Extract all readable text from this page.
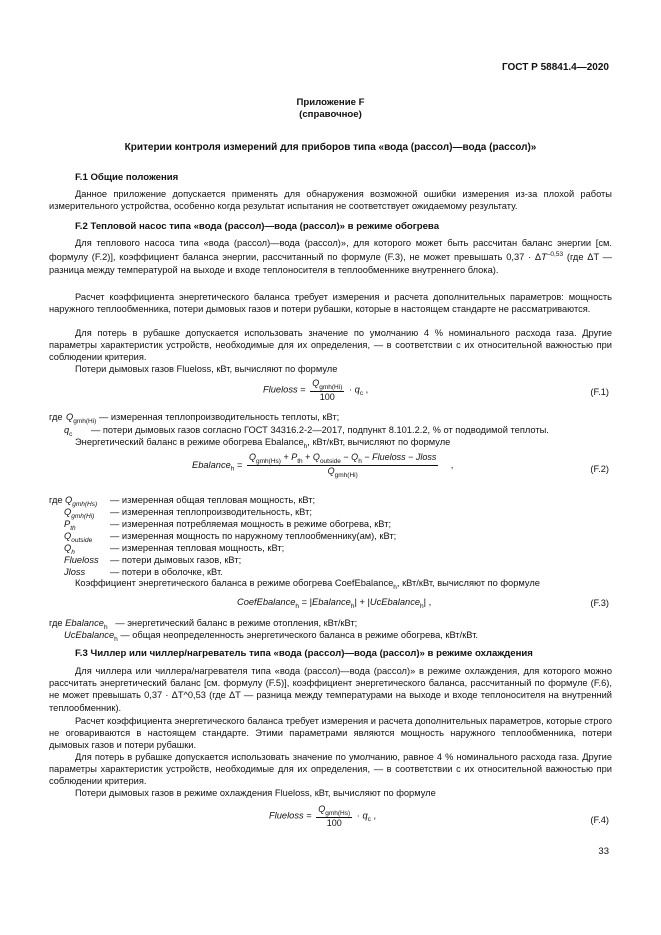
ГОСТ Р 58841.4—2020
Приложение F
(справочное)
Критерии контроля измерений для приборов типа «вода (рассол)—вода (рассол)»
F.1 Общие положения
Данное приложение допускается применять для обнаружения возможной ошибки измерения из-за плохой работы измерительного устройства, особенно когда результат испытания не соответствует ожидаемому результату.
F.2 Тепловой насос типа «вода (рассол)—вода (рассол)» в режиме обогрева
Для теплового насоса типа «вода (рассол)—вода (рассол)», для которого может быть рассчитан баланс энергии [см. формулу (F.2)], коэффициент баланса энергии, рассчитанный по формуле (F.3), не может превышать $0,37 \cdot \Delta T^{-0,53}$ (где ΔT — разница между температурой на выходе и входе теплоносителя в теплообменнике внутреннего блока).
Расчет коэффициента энергетического баланса требует измерения и расчета дополнительных параметров: мощность наружного теплообменника, потери дымовых газов и потери рубашки, которые в настоящем стандарте не рассматриваются.
Для потерь в рубашке допускается использовать значение по умолчанию 4 % номинального расхода газа. Другие параметры характеристик устройств, необходимые для их определения, — в соответствии с их относительной важностью при соблюдении критерия.
Потери дымовых газов Flueloss, кВт, вычисляют по формуле
Flueloss = $\frac{Q_{gmh(Hi)}}{100} \cdot q_c$ ,	(F.1)
где $Q_{gmh(Hi)}$ — измеренная теплопроизводительность теплоты, кВт;
$q_c$ — потери дымовых газов согласно ГОСТ 34316.2-2—2017, подпункт 8.101.2.2, % от подводимой теплоты.
Энергетический баланс в режиме обогрева Ebalance$_h$, кВт/кВт, вычисляют по формуле
Ebalance$_h$ = $\frac{Q_{gmh(Hs)} + P_{th} + Q_{outside} - Q_h - Flueloss - Jloss}{Q_{gmh(Hi)}}$ ,	(F.2)
где $Q_{gmh(Hs)}$ — измеренная общая тепловая мощность, кВт;
$Q_{gmh(Hi)}$ — измеренная теплопроизводительность, кВт;
$P_{th}$	— измеренная потребляемая мощность в режиме обогрева, кВт;
$Q_{outside}$ — измеренная мощность по наружному теплообменнику(ам), кВт;
$Q_h$	— измеренная тепловая мощность, кВт;
Flueloss — потери дымовых газов, кВт;
Jloss	— потери в оболочке, кВт.
Коэффициент энергетического баланса в режиме обогрева CoefEbalance$_h$, кВт/кВт, вычисляют по формуле
CoefEbalance$_h$ = |Ebalance$_h$| + |UcEbalance$_h$| ,	(F.3)
где Ebalance$_h$ — энергетический баланс в режиме отопления, кВт/кВт;
UcEbalance$_h$ — общая неопределенность энергетического баланса в режиме обогрева, кВт/кВт.
F.3 Чиллер или чиллер/нагреватель типа «вода (рассол)—вода (рассол)» в режиме охлаждения
Для чиллера или чиллера/нагревателя типа «вода (рассол)—вода (рассол)» в режиме охлаждения, для которого можно рассчитать энергетический баланс [см. формулу (F.5)], коэффициент энергетического баланса, рассчитанный по формуле (F.6), не может превышать 0,37 · ΔT^0,53 (где ΔT — разница между температурами на выходе и входе теплоносителя на внутренний теплообменник).
Расчет коэффициента энергетического баланса требует измерения и расчета дополнительных параметров, которые строго не оговариваются в настоящем стандарте. Этими параметрами являются мощность наружного теплообменника, потери дымовых газов и потери рубашки.
Для потерь в рубашке допускается использовать значение по умолчанию, равное 4 % номинального расхода газа. Другие параметры характеристик устройств, необходимые для их определения, — в соответствии с их относительной важностью при соблюдении критерия.
Потери дымовых газов в режиме охлаждения Flueloss, кВт, вычисляют по формуле
Flueloss = $\frac{Q_{gmh(Hs)}}{100} \cdot q_c$ ,	(F.4)
33
